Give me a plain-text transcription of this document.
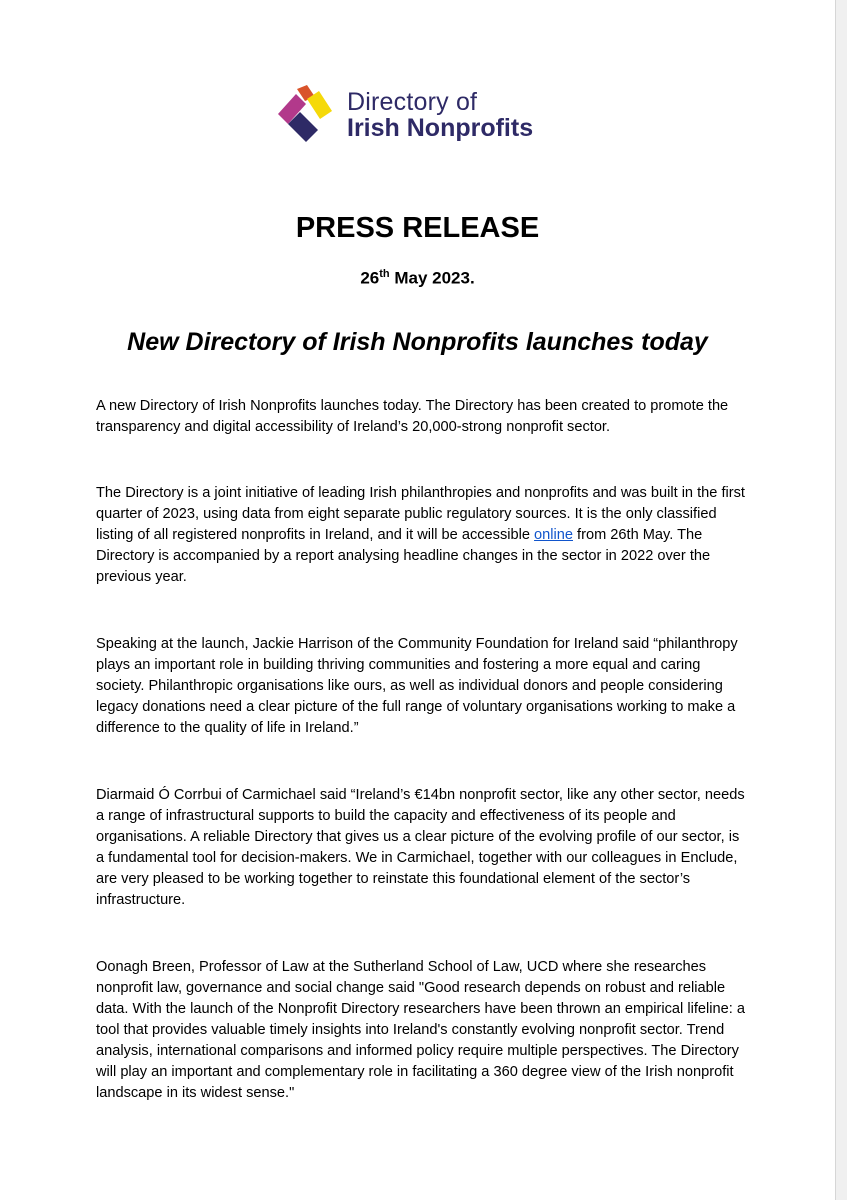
Directory of
Irish Nonprofits
PRESS RELEASE
26th May 2023.
New Directory of Irish Nonprofits launches today

A new Directory of Irish Nonprofits launches today. The Directory has been created to promote the transparency and digital accessibility of Ireland’s 20,000-strong nonprofit sector.

The Directory is a joint initiative of leading Irish philanthropies and nonprofits and was built in the first quarter of 2023, using data from eight separate public regulatory sources. It is the only classified listing of all registered nonprofits in Ireland, and it will be accessible online from 26th May. The Directory is accompanied by a report analysing headline changes in the sector in 2022 over the previous year.

Speaking at the launch, Jackie Harrison of the Community Foundation for Ireland said “philanthropy plays an important role in building thriving communities and fostering a more equal and caring society. Philanthropic organisations like ours, as well as individual donors and people considering legacy donations need a clear picture of the full range of voluntary organisations working to make a difference to the quality of life in Ireland.”

Diarmaid Ó Corrbui of Carmichael said “Ireland’s €14bn nonprofit sector, like any other sector, needs a range of infrastructural supports to build the capacity and effectiveness of its people and organisations. A reliable Directory that gives us a clear picture of the evolving profile of our sector, is a fundamental tool for decision-makers. We in Carmichael, together with our colleagues in Enclude, are very pleased to be working together to reinstate this foundational element of the sector’s infrastructure.

Oonagh Breen, Professor of Law at the Sutherland School of Law, UCD where she researches nonprofit law, governance and social change said "Good research depends on robust and reliable data. With the launch of the Nonprofit Directory researchers have been thrown an empirical lifeline: a tool that provides valuable timely insights into Ireland's constantly evolving nonprofit sector. Trend analysis, international comparisons and informed policy require multiple perspectives. The Directory will play an important and complementary role in facilitating a 360 degree view of the Irish nonprofit landscape in its widest sense."
